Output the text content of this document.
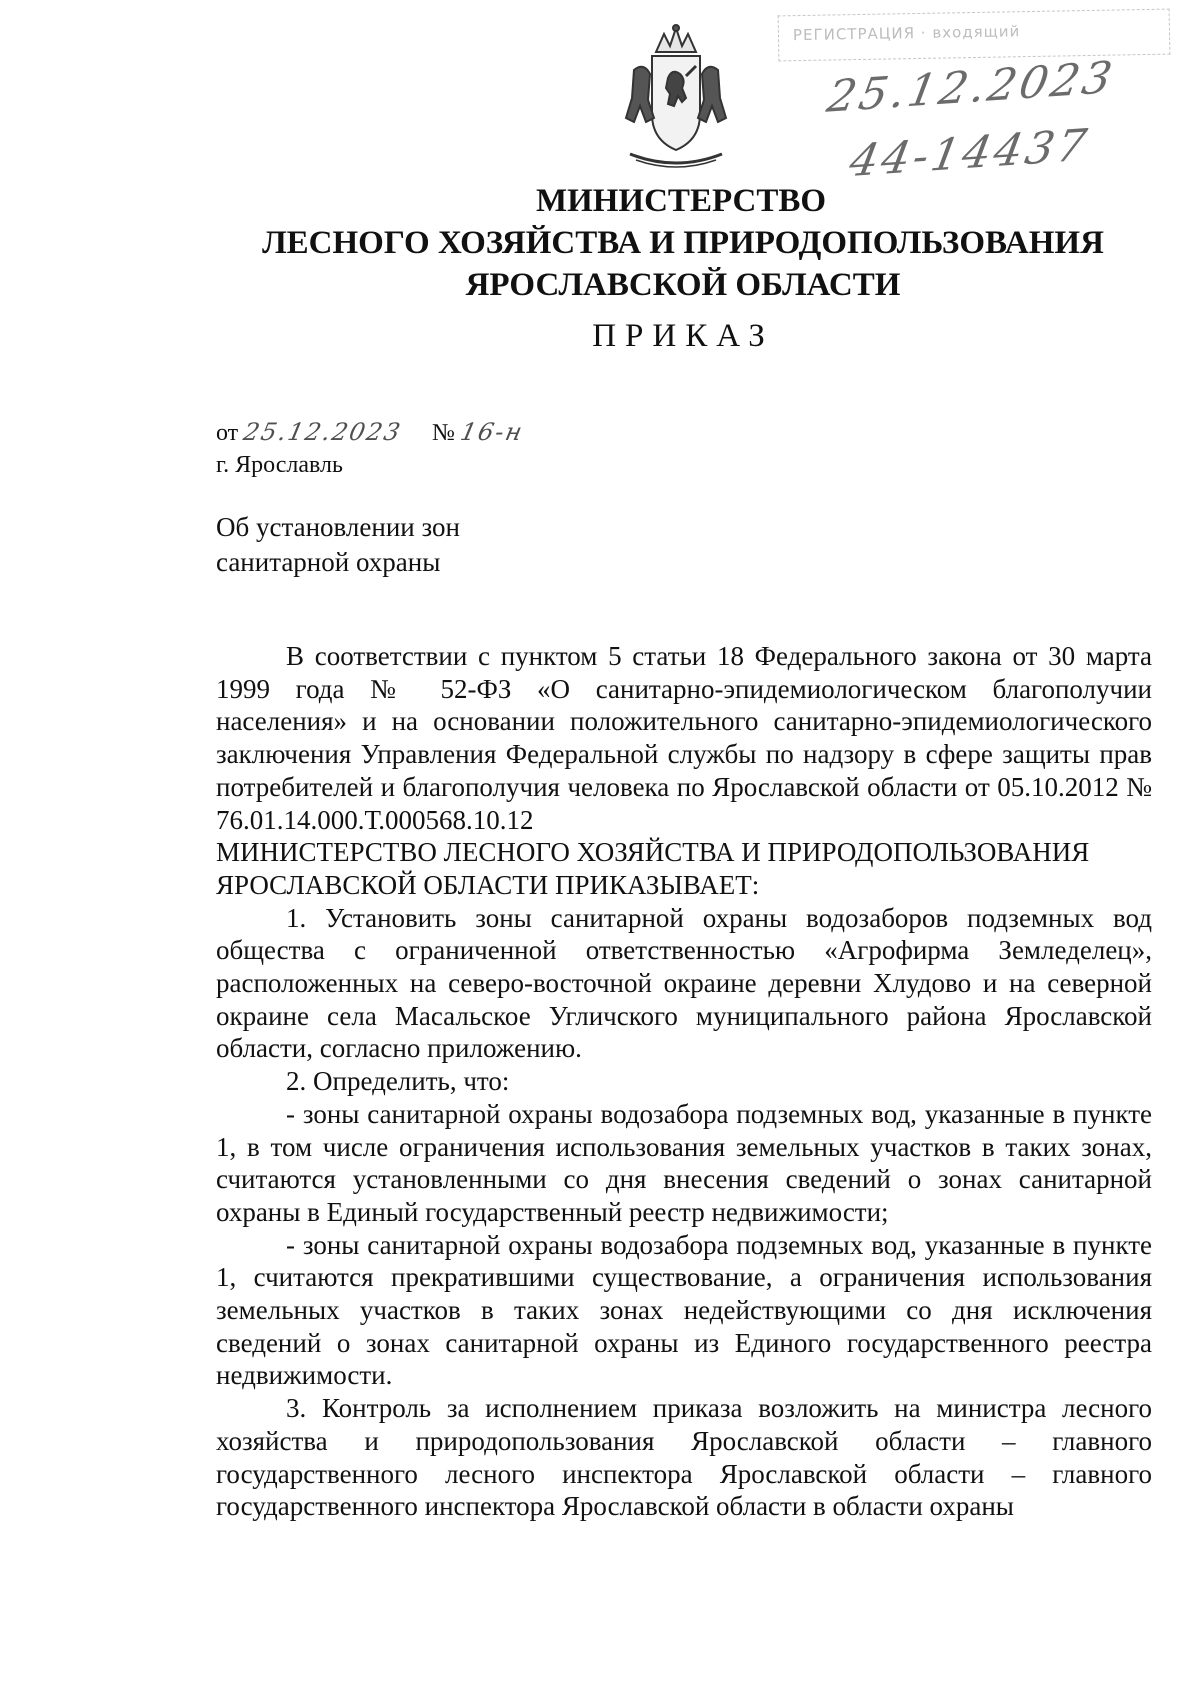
РЕГИСТРАЦИЯ · входящий
25.12.2023
44-14437
МИНИСТЕРСТВО
ЛЕСНОГО ХОЗЯЙСТВА И ПРИРОДОПОЛЬЗОВАНИЯ
ЯРОСЛАВСКОЙ ОБЛАСТИ
ПРИКАЗ
от 25.12.2023 № 16-н
г. Ярославль
Об установлении зон
санитарной охраны

В соответствии с пунктом 5 статьи 18 Федерального закона от 30 марта 1999 года № 52-ФЗ «О санитарно-эпидемиологическом благополучии населения» и на основании положительного санитарно-эпидемиологического заключения Управления Федеральной службы по надзору в сфере защиты прав потребителей и благополучия человека по Ярославской области от 05.10.2012 № 76.01.14.000.Т.000568.10.12

МИНИСТЕРСТВО ЛЕСНОГО ХОЗЯЙСТВА И ПРИРОДОПОЛЬЗОВАНИЯ

ЯРОСЛАВСКОЙ ОБЛАСТИ ПРИКАЗЫВАЕТ:

1. Установить зоны санитарной охраны водозаборов подземных вод общества с ограниченной ответственностью «Агрофирма Земледелец», расположенных на северо-восточной окраине деревни Хлудово и на северной окраине села Масальское Угличского муниципального района Ярославской области, согласно приложению.

2. Определить, что:

- зоны санитарной охраны водозабора подземных вод, указанные в пункте 1, в том числе ограничения использования земельных участков в таких зонах, считаются установленными со дня внесения сведений о зонах санитарной охраны в Единый государственный реестр недвижимости;

- зоны санитарной охраны водозабора подземных вод, указанные в пункте 1, считаются прекратившими существование, а ограничения использования земельных участков в таких зонах недействующими со дня исключения сведений о зонах санитарной охраны из Единого государственного реестра недвижимости.

3. Контроль за исполнением приказа возложить на министра лесного хозяйства и природопользования Ярославской области – главного государственного лесного инспектора Ярославской области – главного государственного инспектора Ярославской области в области охраны
